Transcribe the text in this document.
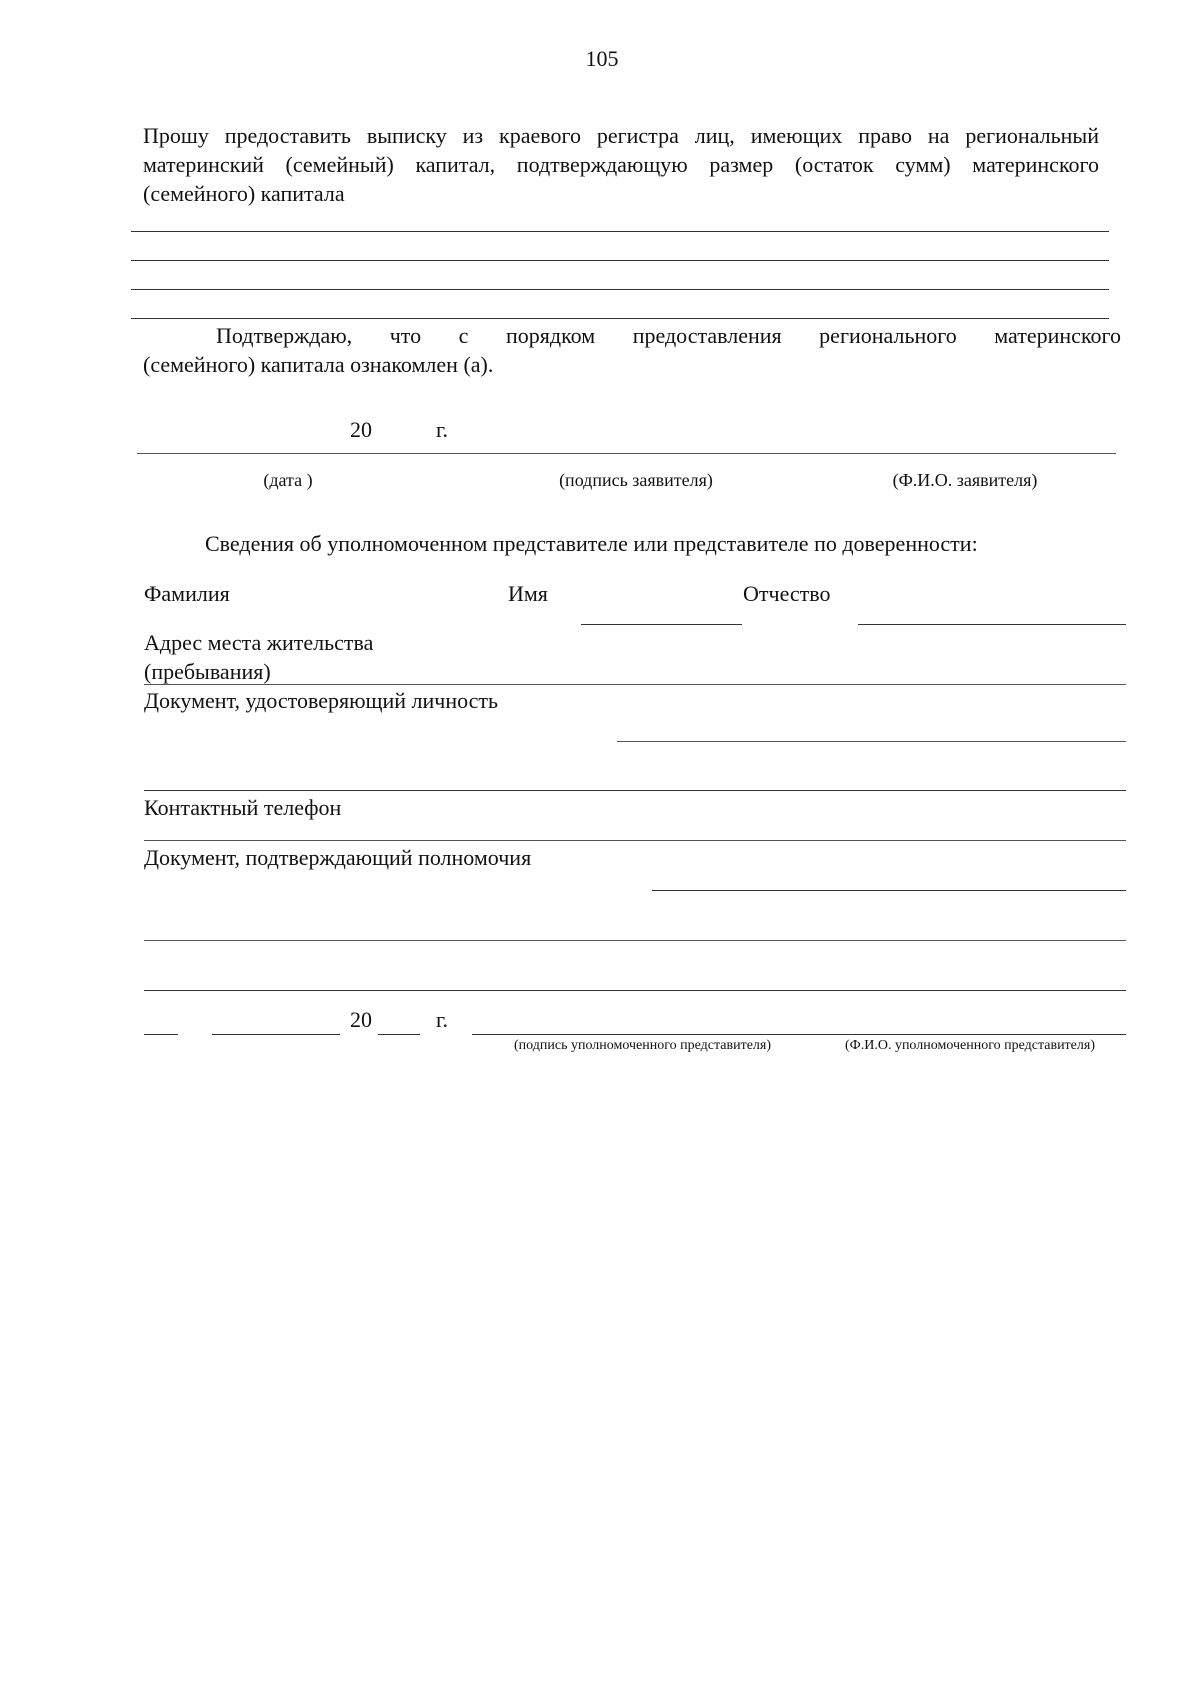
105
Прошу предоставить выписку из краевого регистра лиц, имеющих право на региональный материнский (семейный) капитал, подтверждающую размер (остаток сумм) материнского (семейного) капитала
Подтверждаю, что с порядком предоставления регионального материнского
(семейного) капитала ознакомлен (а).
20	г.
(дата )	(подпись заявителя)	(Ф.И.О. заявителя)
Сведения об уполномоченном представителе или представителе по доверенности:
Фамилия	Имя	Отчество
Адрес места жительства
(пребывания)
Документ, удостоверяющий личность
Контактный телефон
Документ, подтверждающий полномочия
20	г.
(подпись уполномоченного представителя)	(Ф.И.О. уполномоченного представителя)
